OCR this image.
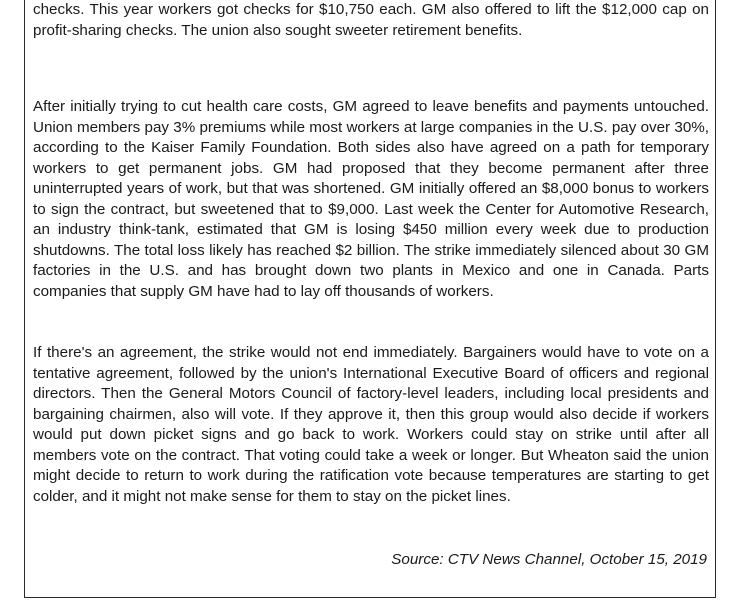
checks. This year workers got checks for $10,750 each. GM also offered to lift the $12,000 cap on profit-sharing checks. The union also sought sweeter retirement benefits.

After initially trying to cut health care costs, GM agreed to leave benefits and payments untouched. Union members pay 3% premiums while most workers at large companies in the U.S. pay over 30%, according to the Kaiser Family Foundation. Both sides also have agreed on a path for temporary workers to get permanent jobs. GM had proposed that they become permanent after three uninterrupted years of work, but that was shortened. GM initially offered an $8,000 bonus to workers to sign the contract, but sweetened that to $9,000. Last week the Center for Automotive Research, an industry think-tank, estimated that GM is losing $450 million every week due to production shutdowns. The total loss likely has reached $2 billion. The strike immediately silenced about 30 GM factories in the U.S. and has brought down two plants in Mexico and one in Canada. Parts companies that supply GM have had to lay off thousands of workers.

If there's an agreement, the strike would not end immediately. Bargainers would have to vote on a tentative agreement, followed by the union's International Executive Board of officers and regional directors. Then the General Motors Council of factory-level leaders, including local presidents and bargaining chairmen, also will vote. If they approve it, then this group would also decide if workers would put down picket signs and go back to work. Workers could stay on strike until after all members vote on the contract. That voting could take a week or longer. But Wheaton said the union might decide to return to work during the ratification vote because temperatures are starting to get colder, and it might not make sense for them to stay on the picket lines.

Source: CTV News Channel, October 15, 2019
